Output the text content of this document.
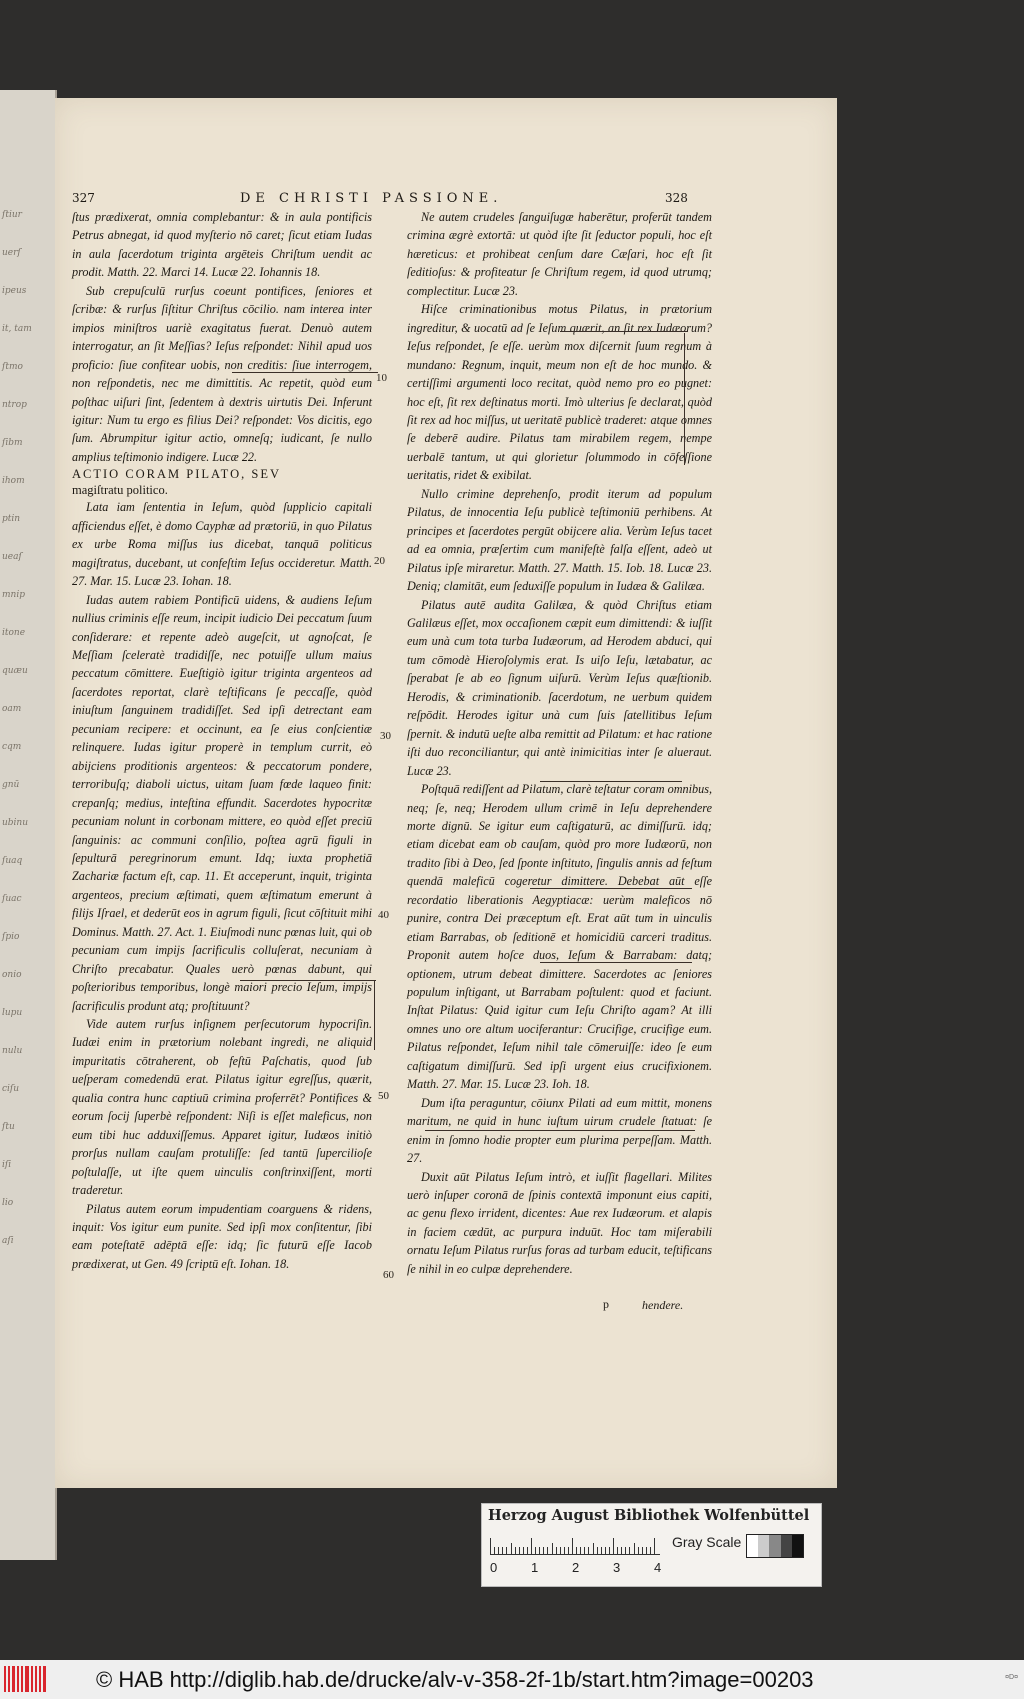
ſtiur
uerſ
ipeus
it, tam
ſtmo
ntrop
ſibm
ihom
ptin
ueaſ
mnip
itone
quæu
oam
cqm
gnū
ubinu
ſuaq
ſuac
ſpio
onio
lupu
nulu
ciſu
ſtu
iſi
lio
aſi
327	DE CHRISTI PASSIONE.	328

ſtus prædixerat, omnia complebantur: & in aula pontificis Petrus abnegat, id quod myſterio nō caret; ſicut etiam Iudas in aula ſacerdotum triginta argēteis Chriſtum uendit ac prodit. Matth. 22. Marci 14. Lucæ 22. Iohannis 18.

Sub crepuſculū rurſus coeunt pontifices, ſeniores et ſcribæ: & rurſus ſiſtitur Chriſtus cōcilio. nam interea inter impios miniſtros uariè exagitatus fuerat. Denuò autem interrogatur, an ſit Meſſias? Ieſus reſpondet: Nihil apud uos proficio: ſiue confitear uobis, non creditis: ſiue interrogem, non reſpondetis, nec me dimittitis. Ac repetit, quòd eum poſthac uiſuri ſint, ſedentem à dextris uirtutis Dei. Inferunt igitur: Num tu ergo es filius Dei? reſpondet: Vos dicitis, ego ſum. Abrumpitur igitur actio, omneſq; iudicant, ſe nullo amplius teſtimonio indigere. Lucæ 22.

ACTIO CORAM PILATO, SEV

magiſtratu politico.

Lata iam ſententia in Ieſum, quòd ſupplicio capitali afficiendus eſſet, è domo Cayphæ ad prætoriū, in quo Pilatus ex urbe Roma miſſus ius dicebat, tanquā politicus magiſtratus, ducebant, ut confeſtim Ieſus occideretur. Matth. 27. Mar. 15. Lucæ 23. Iohan. 18.

Iudas autem rabiem Pontificū uidens, & audiens Ieſum nullius criminis eſſe reum, incipit iudicio Dei peccatum ſuum conſiderare: et repente adeò augeſcit, ut agnoſcat, ſe Meſſiam ſceleratè tradidiſſe, nec potuiſſe ullum maius peccatum cōmittere. Eueſtigiò igitur triginta argenteos ad ſacerdotes reportat, clarè teſtificans ſe peccaſſe, quòd iniuſtum ſanguinem tradidiſſet. Sed ipſi detrectant eam pecuniam recipere: et occinunt, ea ſe eius conſcientiæ relinquere. Iudas igitur properè in templum currit, eò abijciens proditionis argenteos: & peccatorum pondere, terroribuſq; diaboli uictus, uitam ſuam fœde laqueo finit: crepanſq; medius, inteſtina effundit. Sacerdotes hypocritæ pecuniam nolunt in corbonam mittere, eo quòd eſſet preciū ſanguinis: ac communi conſilio, poſtea agrū figuli in ſepulturā peregrinorum emunt. Idq; iuxta prophetiā Zachariæ factum eſt, cap. 11. Et acceperunt, inquit, triginta argenteos, precium æſtimati, quem æſtimatum emerunt à filijs Iſrael, et dederūt eos in agrum figuli, ſicut cōſtituit mihi Dominus. Matth. 27. Act. 1. Eiuſmodi nunc pœnas luit, qui ob pecuniam cum impijs ſacrificulis colluſerat, necuniam à Chriſto precabatur. Quales uerò pœnas dabunt, qui poſterioribus temporibus, longè maiori precio Ieſum, impijs ſacrificulis produnt atq; proſtituunt?

Vide autem rurſus inſignem perſecutorum hypocriſin. Iudæi enim in prætorium nolebant ingredi, ne aliquid impuritatis cōtraherent, ob feſtū Paſchatis, quod ſub ueſperam comedendū erat. Pilatus igitur egreſſus, quærit, qualia contra hunc captiuū crimina proferrēt? Pontifices & eorum ſocij ſuperbè reſpondent: Niſi is eſſet maleficus, non eum tibi huc adduxiſſemus. Apparet igitur, Iudæos initiò prorſus nullam cauſam protuliſſe: ſed tantū ſupercilioſe poſtulaſſe, ut iſte quem uinculis conſtrinxiſſent, morti traderetur.

Pilatus autem eorum impudentiam coarguens & ridens, inquit: Vos igitur eum punite. Sed ipſi mox conſitentur, ſibi eam poteſtatē adēptā eſſe: idq; ſic futurū eſſe Iacob prædixerat, ut Gen. 49 ſcriptū eſt. Iohan. 18.

Ne autem crudeles ſanguiſugæ haberētur, proferūt tandem crimina ægrè extortā: ut quòd iſte ſit ſeductor populi, hoc eſt hæreticus: et prohibeat cenſum dare Cæſari, hoc eſt ſit ſeditioſus: & profiteatur ſe Chriſtum regem, id quod utrumq; complectitur. Lucæ 23.

Hiſce criminationibus motus Pilatus, in prætorium ingreditur, & uocatū ad ſe Ieſum quærit, an ſit rex Iudæorum? Ieſus reſpondet, ſe eſſe. uerùm mox diſcernit ſuum regnum à mundano: Regnum, inquit, meum non eſt de hoc mundo. & certiſſimi argumenti loco recitat, quòd nemo pro eo pugnet: hoc eſt, ſit rex deſtinatus morti. Imò ulterius ſe declarat, quòd ſit rex ad hoc miſſus, ut ueritatē publicè traderet: atque omnes ſe deberē audire. Pilatus tam mirabilem regem, nempe uerbalē tantum, ut qui glorietur ſolummodo in cōfeſſione ueritatis, ridet & exibilat.

Nullo crimine deprehenſo, prodit iterum ad populum Pilatus, de innocentia Ieſu publicè teſtimoniū perhibens. At principes et ſacerdotes pergūt obijcere alia. Verùm Ieſus tacet ad ea omnia, præſertim cum manifeſtè falſa eſſent, adeò ut Pilatus ipſe miraretur. Matth. 27. Matth. 15. Iob. 18. Lucæ 23. Deniq; clamitāt, eum ſeduxiſſe populum in Iudæa & Galilæa.

Pilatus autē audita Galilæa, & quòd Chriſtus etiam Galilæus eſſet, mox occaſionem cæpit eum dimittendi: & iuſſit eum unà cum tota turba Iudæorum, ad Herodem abduci, qui tum cōmodè Hieroſolymis erat. Is uiſo Ieſu, lætabatur, ac ſperabat ſe ab eo ſignum uiſurū. Verùm Ieſus quæſtionib. Herodis, & criminationib. ſacerdotum, ne uerbum quidem reſpōdit. Herodes igitur unà cum ſuis ſatellitibus Ieſum ſpernit. & indutū ueſte alba remittit ad Pilatum: et hac ratione iſti duo reconciliantur, qui antè inimicitias inter ſe alueraut. Lucæ 23.

Poſtquā rediſſent ad Pilatum, clarè teſtatur coram omnibus, neq; ſe, neq; Herodem ullum crimē in Ieſu deprehendere morte dignū. Se igitur eum caſtigaturū, ac dimiſſurū. idq; etiam dicebat eam ob cauſam, quòd pro more Iudæorū, non tradito ſibi à Deo, ſed ſponte inſtituto, ſingulis annis ad feſtum quendā maleficū cogeretur dimittere. Debebat aūt eſſe recordatio liberationis Aegyptiacæ: uerùm maleficos nō punire, contra Dei præceptum eſt. Erat aūt tum in uinculis etiam Barrabas, ob ſeditionē et homicidiū carceri traditus. Proponit autem hoſce duos, Ieſum & Barrabam: datq; optionem, utrum debeat dimittere. Sacerdotes ac ſeniores populum inſtigant, ut Barrabam poſtulent: quod et faciunt. Inſtat Pilatus: Quid igitur cum Ieſu Chriſto agam? At illi omnes uno ore altum uociferantur: Crucifige, crucifige eum. Pilatus reſpondet, Ieſum nihil tale cōmeruiſſe: ideo ſe eum caſtigatum dimiſſurū. Sed ipſi urgent eius crucifixionem. Matth. 27. Mar. 15. Lucæ 23. Ioh. 18.

Dum iſta peraguntur, cōiunx Pilati ad eum mittit, monens maritum, ne quid in hunc iuſtum uirum crudele ſtatuat: ſe enim in ſomno hodie propter eum plurima perpeſſam. Matth. 27.

Duxit aūt Pilatus Ieſum intrò, et iuſſit flagellari. Milites uerò inſuper coronā de ſpinis contextā imponunt eius capiti, ac genu flexo irrident, dicentes: Aue rex Iudæorum. et alapis in faciem cædūt, ac purpura induūt. Hoc tam miſerabili ornatu Ieſum Pilatus rurſus foras ad turbam educit, teſtificans ſe nihil in eo culpæ deprehendere.

10
20
30
40
50
60
p	hendere.
Herzog August Bibliothek Wolfenbüttel
0	1	2	3	4
Gray Scale
© HAB http://diglib.hab.de/drucke/alv-v-358-2f-1b/start.htm?image=00203	¤D¤
